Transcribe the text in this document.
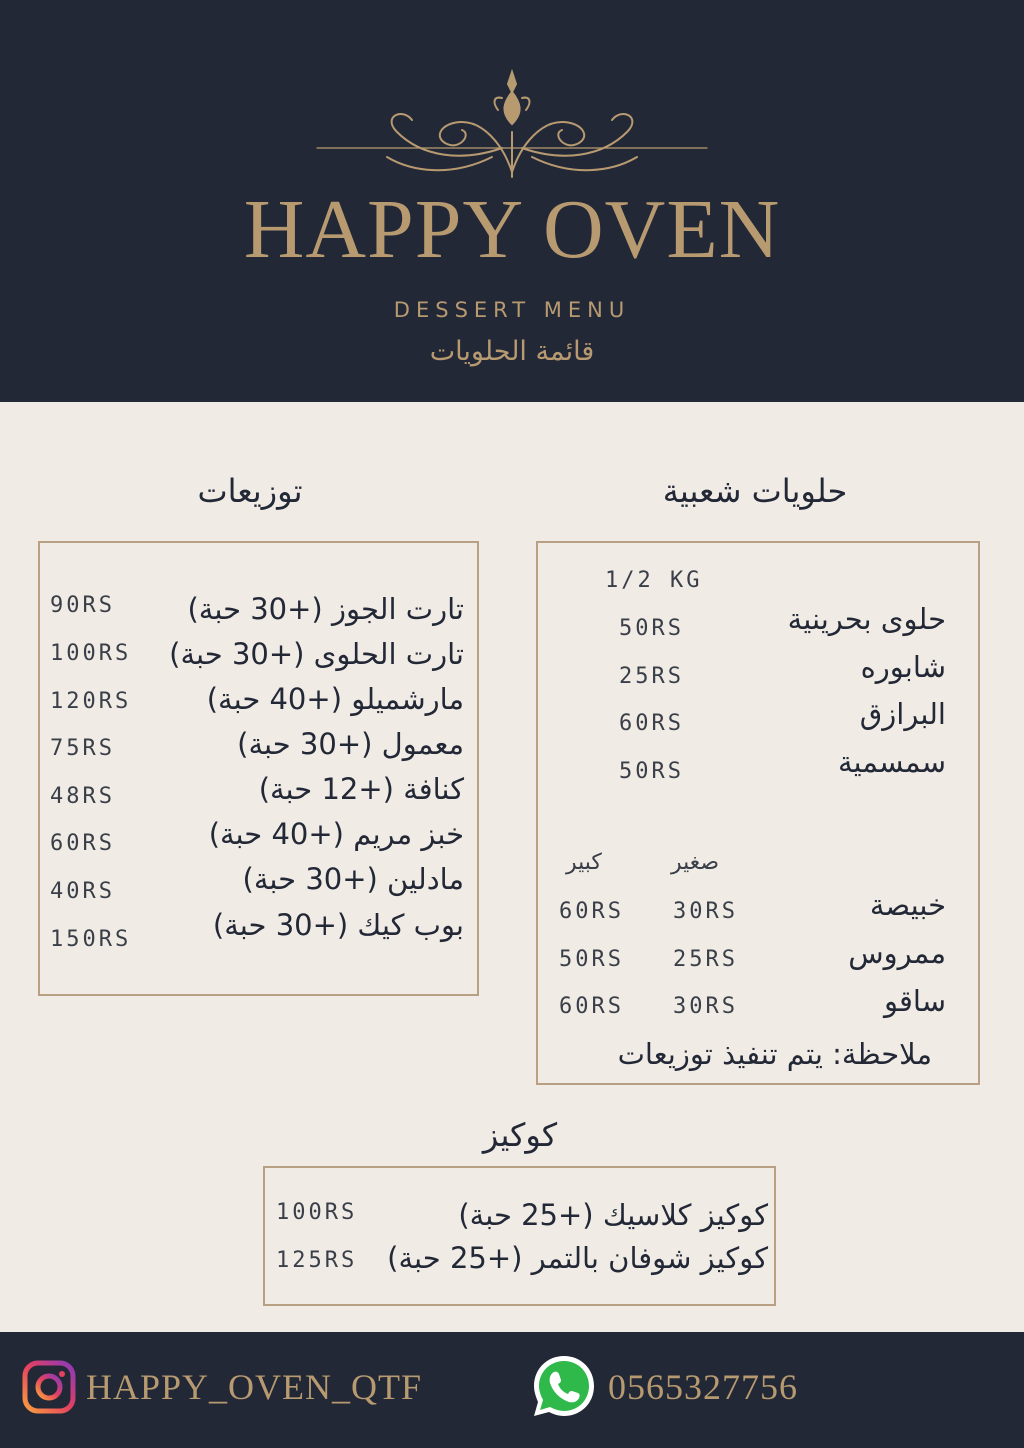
HAPPY OVEN
DESSERT MENU
قائمة الحلويات
توزيعات
تارت الجوز (+30 حبة)
90RS
تارت الحلوى (+30 حبة)
100RS
مارشميلو (+40 حبة)
120RS
معمول (+30 حبة)
75RS
كنافة (+12 حبة)
48RS
خبز مريم (+40 حبة)
60RS
مادلين (+30 حبة)
40RS
بوب كيك (+30 حبة)
150RS
حلويات شعبية
1/2 KG
حلوى بحرينية
50RS
شابوره
25RS
البرازق
60RS
سمسمية
50RS
صغير
كبير
خبيصة
30RS
60RS
ممروس
25RS
50RS
ساقو
30RS
60RS
ملاحظة: يتم تنفيذ توزيعات
كوكيز
كوكيز كلاسيك (+25 حبة)
100RS
كوكيز شوفان بالتمر (+25 حبة)
125RS
HAPPY_OVEN_QTF	0565327756
